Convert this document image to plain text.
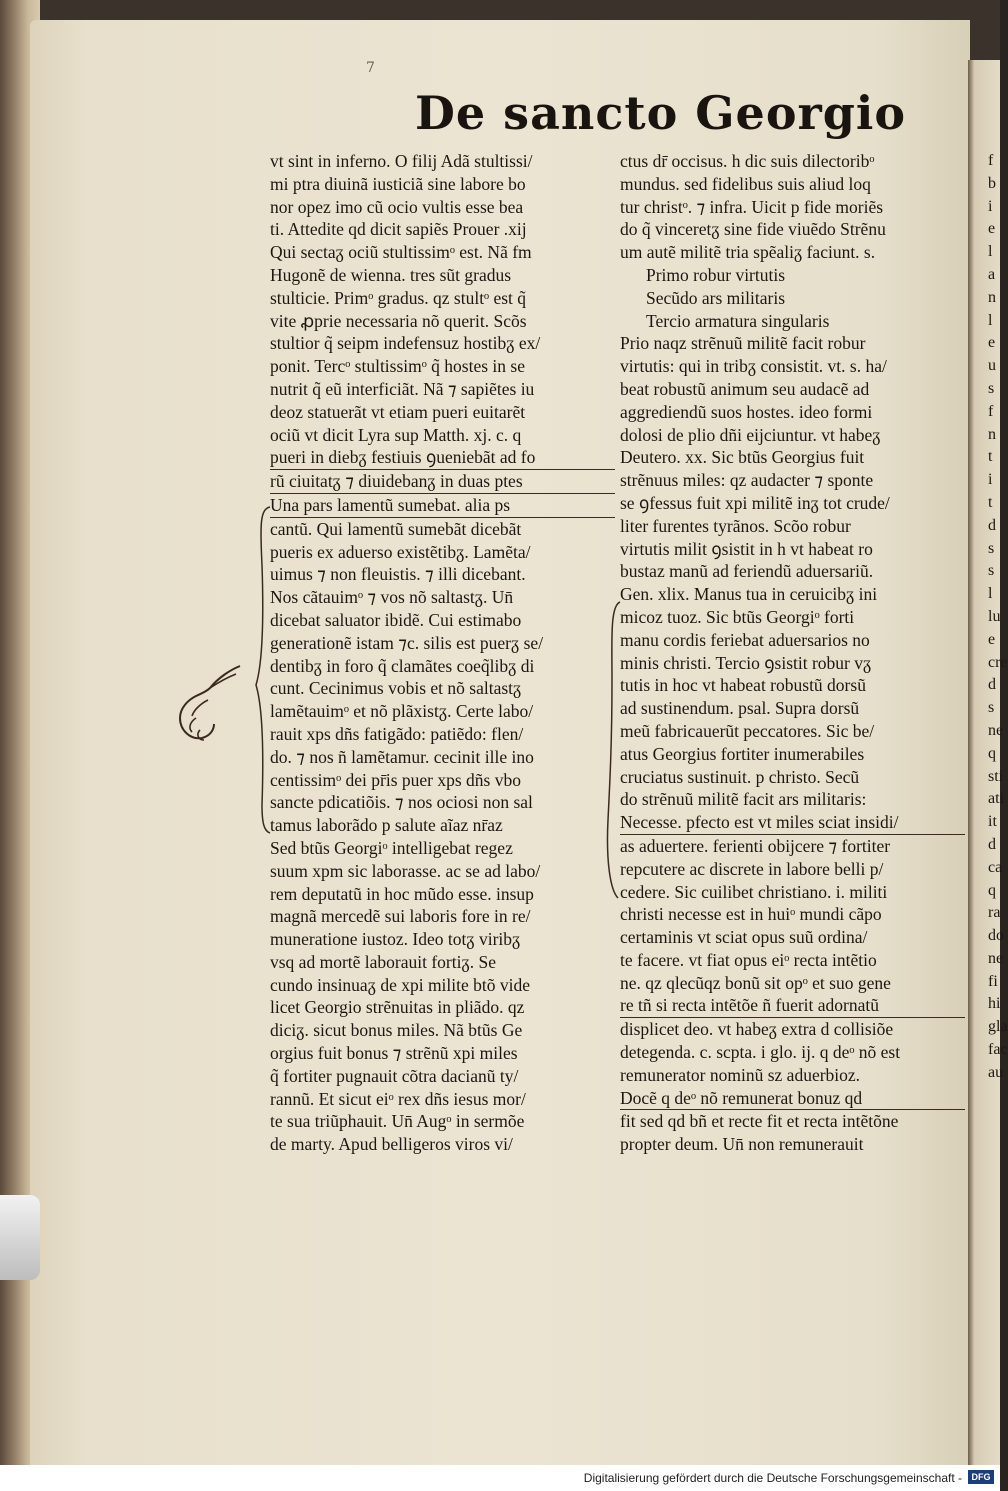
7
De sancto Georgio
vt sint in inferno. O filij Adã stultissi/
mi ptra diuinã iusticiã sine labore bo
nor opez imo cũ ocio vultis esse bea
ti. Attedite qd dicit sapiẽs Prouer .xij
Qui sectaᵹ ociũ stultissimᵒ est. Nã fm
Hugonẽ de wienna. tres sũt gradus
stulticie. Primᵒ gradus. qz stultᵒ est q̃
vite ꝓprie necessaria nõ querit. Scõs
stultior q̃ seipm indefensuz hostibᵹ ex/
ponit. Tercᵒ stultissimᵒ q̃ hostes in se
nutrit q̃ eũ interficiãt. Nã ⁊ sapiẽtes iu
deoz statuerãt vt etiam pueri euitarẽt
ociũ vt dicit Lyra sup Matth. xj. c. q
pueri in diebᵹ festiuis ꝯueniebãt ad fo
rũ ciuitatᵹ ⁊ diuidebanᵹ in duas ptes
Una pars lamentũ sumebat. alia ps
cantũ. Qui lamentũ sumebãt dicebãt
pueris ex aduerso existẽtibᵹ. Lamẽta/
uimus ⁊ non fleuistis. ⁊ illi dicebant.
Nos cãtauimᵒ ⁊ vos nõ saltastᵹ. Un̄
dicebat saluator ibidẽ. Cui estimabo
generationẽ istam ⁊c. silis est puerᵹ se/
dentibᵹ in foro q̃ clamãtes coeq̃libᵹ di
cunt. Cecinimus vobis et nõ saltastᵹ
lamẽtauimᵒ et nõ plãxistᵹ. Certe labo/
rauit xps dñs fatigãdo: patiẽdo: flen/
do. ⁊ nos ñ lamẽtamur. cecinit ille ino
centissimᵒ dei pr̄is puer xps dñs vbo
sancte pdicatiõis. ⁊ nos ociosi non sal
tamus laborãdo p salute aĩaz nr̄az
Sed btũs Georgiᵒ intelligebat regez
suum xpm sic laborasse. ac se ad labo/
rem deputatũ in hoc mũdo esse. insup
magnã mercedẽ sui laboris fore in re/
muneratione iustoz. Ideo totᵹ viribᵹ
vsq ad mortẽ laborauit fortiᵹ. Se
cundo insinuaᵹ de xpi milite btõ vide
licet Georgio strẽnuitas in pliãdo. qz
diciᵹ. sicut bonus miles. Nã btũs Ge
orgius fuit bonus ⁊ strẽnũ xpi miles
q̃ fortiter pugnauit cõtra dacianũ ty/
rannũ. Et sicut eiᵒ rex dñs iesus mor/
te sua triũphauit. Un̄ Augᵒ in sermõe
de marty. Apud belligeros viros vi/
ctus dr̄ occisus. h dic suis dilectoribᵒ
mundus. sed fidelibus suis aliud loq
tur christᵒ. ⁊ infra. Uicit p fide moriẽs
do q̃ vinceretᵹ sine fide viuẽdo Strẽnu
um autẽ militẽ tria spẽaliᵹ faciunt. s.
Primo robur virtutis
Secũdo ars militaris
Tercio armatura singularis
Prio naqz strẽnuũ militẽ facit robur
virtutis: qui in tribᵹ consistit. vt. s. ha/
beat robustũ animum seu audacẽ ad
aggrediendũ suos hostes. ideo formi
dolosi de plio dñi eijciuntur. vt habeᵹ
Deutero. xx. Sic btũs Georgius fuit
strẽnuus miles: qz audacter ⁊ sponte
se ꝯfessus fuit xpi militẽ inᵹ tot crude/
liter furentes tyrãnos. Scõo robur
virtutis milit ꝯsistit in h vt habeat ro
bustaz manũ ad feriendũ aduersariũ.
Gen. xlix. Manus tua in ceruicibᵹ ini
micoz tuoz. Sic btũs Georgiᵒ forti
manu cordis feriebat aduersarios no
minis christi. Tercio ꝯsistit robur vᵹ
tutis in hoc vt habeat robustũ dorsũ
ad sustinendum. psal. Supra dorsũ
meũ fabricauerũt peccatores. Sic be/
atus Georgius fortiter inumerabiles
cruciatus sustinuit. p christo. Secũ
do strẽnuũ militẽ facit ars militaris:
Necesse. pfecto est vt miles sciat insidi/
as aduertere. ferienti obijcere ⁊ fortiter
repcutere ac discrete in labore belli p/
cedere. Sic cuilibet christiano. i. militi
christi necesse est in huiᵒ mundi cãpo
certaminis vt sciat opus suũ ordina/
te facere. vt fiat opus eiᵒ recta intẽtio
ne. qz qlecũqz bonũ sit opᵒ et suo gene
re tñ si recta intẽtõe ñ fuerit adornatũ
displicet deo. vt habeᵹ extra d collisiõe
detegenda. c. scpta. i glo. ij. q deᵒ nõ est
remunerator nominũ sz aduerbioz.
Docẽ q deᵒ nõ remunerat bonuz qd
fit sed qd bñ et recte fit et recta intẽtõne
propter deum. Un̄ non remunerauit
f
b
i
e
l
a
n
l
e
u
s
f
n
t
i
t
d
s
s
l
lu
e
cre
d
s
ne
q
sti
ati
it
d
ca
q
ra
do
ne
fi
hi
gla
fac
au
Digitalisierung gefördert durch die Deutsche Forschungsgemeinschaft -	DFG
